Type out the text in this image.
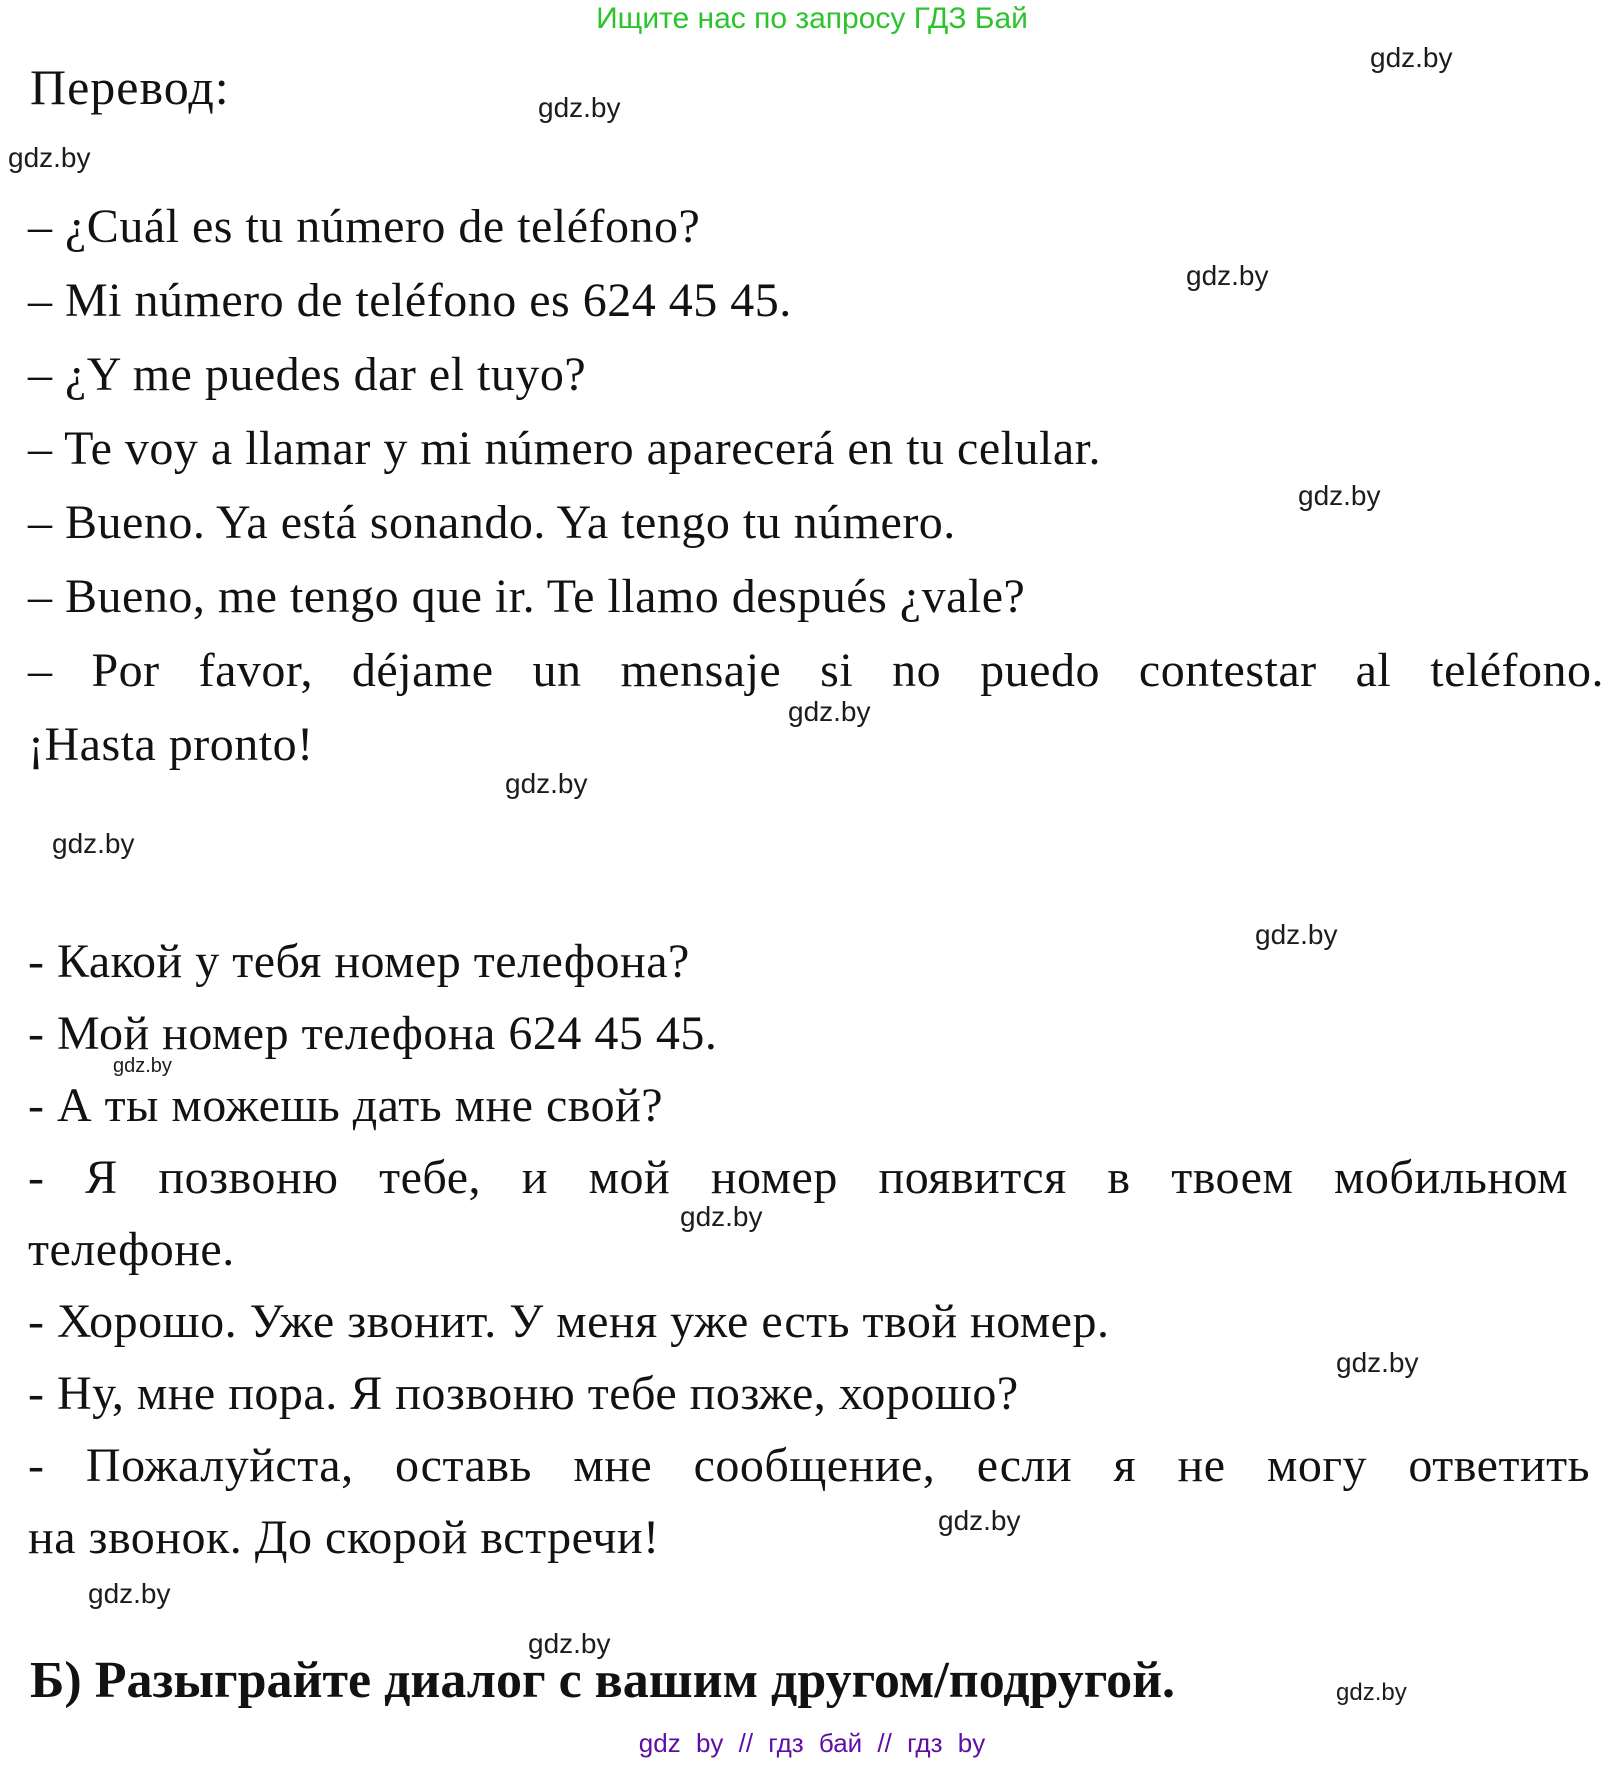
Ищите нас по запросу ГДЗ Бай
gdz.by
gdz.by
gdz.by
gdz.by
gdz.by
gdz.by
gdz.by
gdz.by
gdz.by
gdz.by
gdz.by
gdz.by
gdz.by
gdz.by
gdz.by
gdz.by
Перевод:
– ¿Cuál es tu número de teléfono?
– Mi número de teléfono es 624 45 45.
– ¿Y me puedes dar el tuyo?
– Te voy a llamar y mi número aparecerá en tu celular.
– Bueno. Ya está sonando. Ya tengo tu número.
– Bueno, me tengo que ir. Te llamo después ¿vale?
– Por favor, déjame un mensaje si no puedo contestar al teléfono.
¡Hasta pronto!
- Какой у тебя номер телефона?
- Мой номер телефона 624 45 45.
- А ты можешь дать мне свой?
- Я позвоню тебе, и мой номер появится в твоем мобильном
телефоне.
- Хорошо. Уже звонит. У меня уже есть твой номер.
- Ну, мне пора. Я позвоню тебе позже, хорошо?
- Пожалуйста, оставь мне сообщение, если я не могу ответить
на звонок. До скорой встречи!
Б) Разыграйте диалог с вашим другом/подругой.
gdz by // гдз бай // гдз by
